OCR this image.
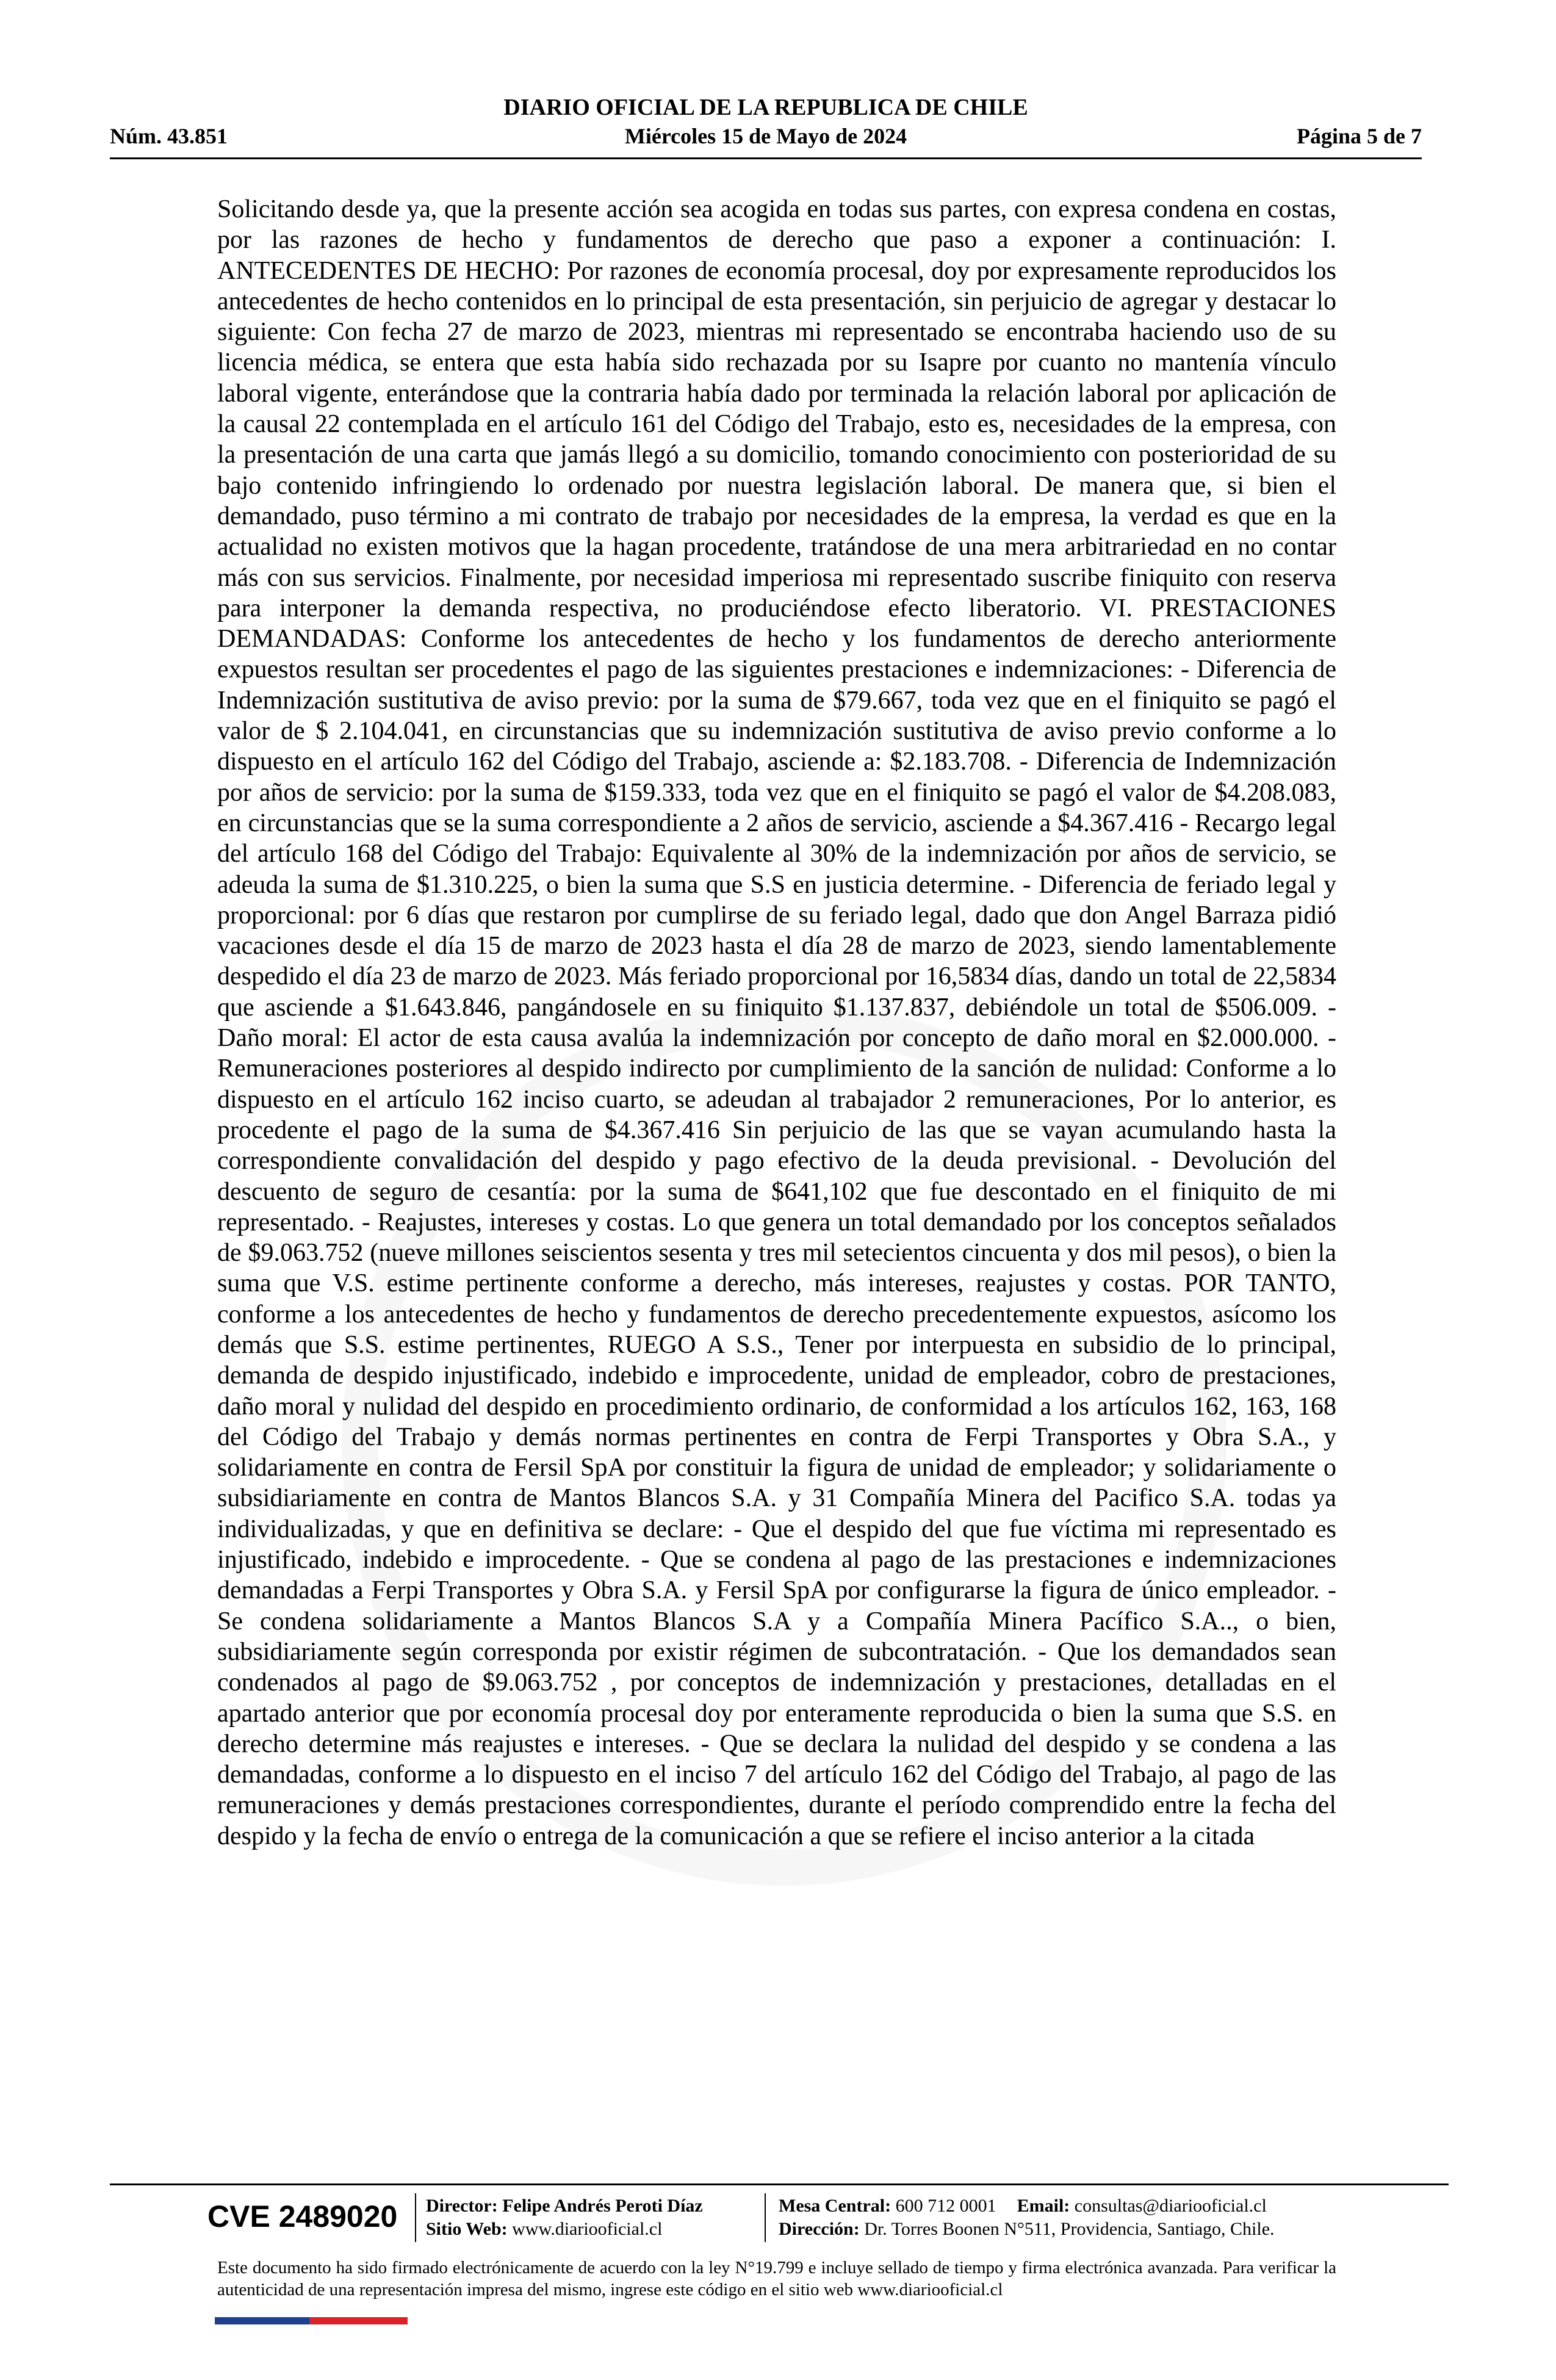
DIARIO OFICIAL DE LA REPUBLICA DE CHILE
Núm. 43.851	Miércoles 15 de Mayo de 2024	Página 5 de 7

Solicitando desde ya, que la presente acción sea acogida en todas sus partes, con expresa condena en costas, por las razones de hecho y fundamentos de derecho que paso a exponer a continuación: I. ANTECEDENTES DE HECHO: Por razones de economía procesal, doy por expresamente reproducidos los antecedentes de hecho contenidos en lo principal de esta presentación, sin perjuicio de agregar y destacar lo siguiente: Con fecha 27 de marzo de 2023, mientras mi representado se encontraba haciendo uso de su licencia médica, se entera que esta había sido rechazada por su Isapre por cuanto no mantenía vínculo laboral vigente, enterándose que la contraria había dado por terminada la relación laboral por aplicación de la causal 22 contemplada en el artículo 161 del Código del Trabajo, esto es, necesidades de la empresa, con la presentación de una carta que jamás llegó a su domicilio, tomando conocimiento con posterioridad de su bajo contenido infringiendo lo ordenado por nuestra legislación laboral. De manera que, si bien el demandado, puso término a mi contrato de trabajo por necesidades de la empresa, la verdad es que en la actualidad no existen motivos que la hagan procedente, tratándose de una mera arbitrariedad en no contar más con sus servicios. Finalmente, por necesidad imperiosa mi representado suscribe finiquito con reserva para interponer la demanda respectiva, no produciéndose efecto liberatorio. VI. PRESTACIONES DEMANDADAS: Conforme los antecedentes de hecho y los fundamentos de derecho anteriormente expuestos resultan ser procedentes el pago de las siguientes prestaciones e indemnizaciones: - Diferencia de Indemnización sustitutiva de aviso previo: por la suma de $79.667, toda vez que en el finiquito se pagó el valor de $ 2.104.041, en circunstancias que su indemnización sustitutiva de aviso previo conforme a lo dispuesto en el artículo 162 del Código del Trabajo, asciende a: $2.183.708. - Diferencia de Indemnización por años de servicio: por la suma de $159.333, toda vez que en el finiquito se pagó el valor de $4.208.083, en circunstancias que se la suma correspondiente a 2 años de servicio, asciende a $4.367.416 - Recargo legal del artículo 168 del Código del Trabajo: Equivalente al 30% de la indemnización por años de servicio, se adeuda la suma de $1.310.225, o bien la suma que S.S en justicia determine. - Diferencia de feriado legal y proporcional: por 6 días que restaron por cumplirse de su feriado legal, dado que don Angel Barraza pidió vacaciones desde el día 15 de marzo de 2023 hasta el día 28 de marzo de 2023, siendo lamentablemente despedido el día 23 de marzo de 2023. Más feriado proporcional por 16,5834 días, dando un total de 22,5834 que asciende a $1.643.846, pangándosele en su finiquito $1.137.837, debiéndole un total de $506.009. - Daño moral: El actor de esta causa avalúa la indemnización por concepto de daño moral en $2.000.000. - Remuneraciones posteriores al despido indirecto por cumplimiento de la sanción de nulidad: Conforme a lo dispuesto en el artículo 162 inciso cuarto, se adeudan al trabajador 2 remuneraciones, Por lo anterior, es procedente el pago de la suma de $4.367.416 Sin perjuicio de las que se vayan acumulando hasta la correspondiente convalidación del despido y pago efectivo de la deuda previsional. - Devolución del descuento de seguro de cesantía: por la suma de $641,102 que fue descontado en el finiquito de mi representado. - Reajustes, intereses y costas. Lo que genera un total demandado por los conceptos señalados de $9.063.752 (nueve millones seiscientos sesenta y tres mil setecientos cincuenta y dos mil pesos), o bien la suma que V.S. estime pertinente conforme a derecho, más intereses, reajustes y costas. POR TANTO, conforme a los antecedentes de hecho y fundamentos de derecho precedentemente expuestos, asícomo los demás que S.S. estime pertinentes, RUEGO A S.S., Tener por interpuesta en subsidio de lo principal, demanda de despido injustificado, indebido e improcedente, unidad de empleador, cobro de prestaciones, daño moral y nulidad del despido en procedimiento ordinario, de conformidad a los artículos 162, 163, 168 del Código del Trabajo y demás normas pertinentes en contra de Ferpi Transportes y Obra S.A., y solidariamente en contra de Fersil SpA por constituir la figura de unidad de empleador; y solidariamente o subsidiariamente en contra de Mantos Blancos S.A. y 31 Compañía Minera del Pacifico S.A. todas ya individualizadas, y que en definitiva se declare: - Que el despido del que fue víctima mi representado es injustificado, indebido e improcedente. - Que se condena al pago de las prestaciones e indemnizaciones demandadas a Ferpi Transportes y Obra S.A. y Fersil SpA por configurarse la figura de único empleador. - Se condena solidariamente a Mantos Blancos S.A y a Compañía Minera Pacífico S.A.., o bien, subsidiariamente según corresponda por existir régimen de subcontratación. - Que los demandados sean condenados al pago de $9.063.752 , por conceptos de indemnización y prestaciones, detalladas en el apartado anterior que por economía procesal doy por enteramente reproducida o bien la suma que S.S. en derecho determine más reajustes e intereses. - Que se declara la nulidad del despido y se condena a las demandadas, conforme a lo dispuesto en el inciso 7 del artículo 162 del Código del Trabajo, al pago de las remuneraciones y demás prestaciones correspondientes, durante el período comprendido entre la fecha del despido y la fecha de envío o entrega de la comunicación a que se refiere el inciso anterior a la citada

CVE 2489020 Director: Felipe Andrés Peroti Díaz
Sitio Web: www.diariooficial.cl
Mesa Central: 600 712 0001 Email: consultas@diariooficial.cl
Dirección: Dr. Torres Boonen N°511, Providencia, Santiago, Chile.

Este documento ha sido firmado electrónicamente de acuerdo con la ley N°19.799 e incluye sellado de tiempo y firma electrónica avanzada. Para verificar la autenticidad de una representación impresa del mismo, ingrese este código en el sitio web www.diariooficial.cl
